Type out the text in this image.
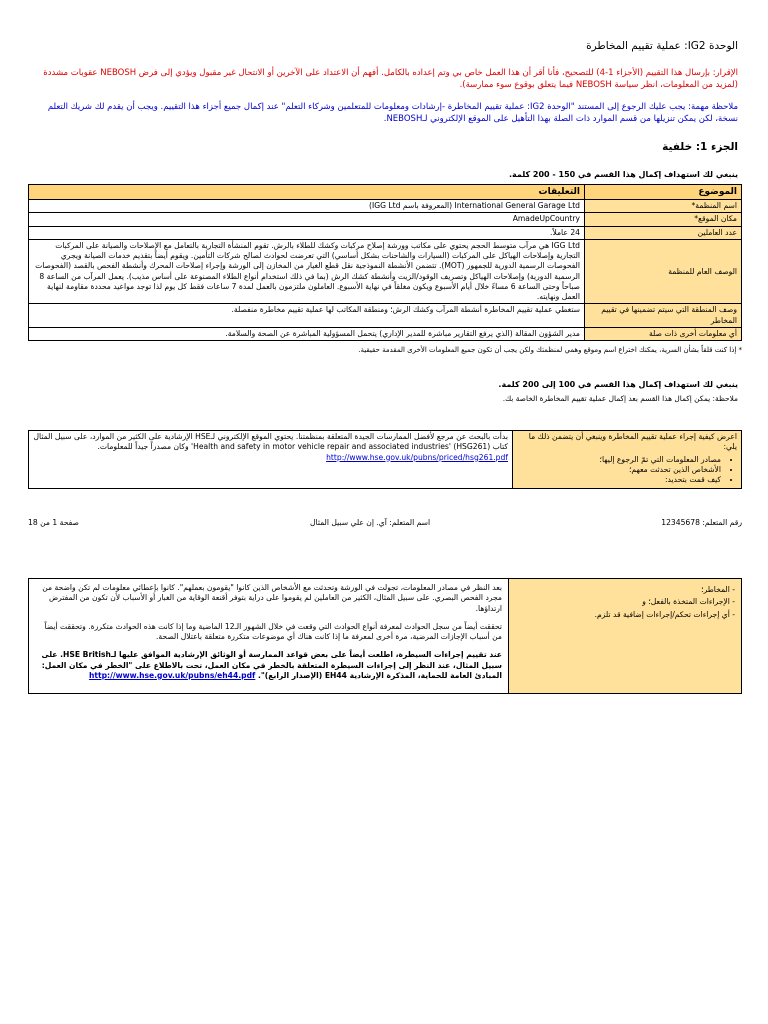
الوحدة IG2: عملية تقييم المخاطرة
الإقرار: بإرسال هذا التقييم (الأجزاء 1-4) للتصحيح، فأنا أقر أن هذا العمل خاص بي وتم إعداده بالكامل. أفهم أن الاعتداد على الآخرين أو الانتحال غير مقبول ويؤدي إلى فرض NEBOSH عقوبات مشددة (لمزيد من المعلومات، انظر سياسة NEBOSH فيما يتعلق بوقوع سوء ممارسة).
ملاحظة مهمة: يجب عليك الرجوع إلى المستند "الوحدة IG2: عملية تقييم المخاطرة -إرشادات ومعلومات للمتعلمين وشركاء التعلم" عند إكمال جميع أجزاء هذا التقييم. ويجب أن يقدم لك شريك التعلم نسخة، لكن يمكن تنزيلها من قسم الموارد ذات الصلة بهذا التأهيل على الموقع الإلكتروني لـNEBOSH.
الجزء 1: خلفية
ينبغي لك استهداف إكمال هذا القسم في 150 - 200 كلمة.
الموضوع	التعليقات
اسم المنظمة*	International General Garage Ltd (المعروفة باسم IGG Ltd)
مكان الموقع*	AmadeUpCountry
عدد العاملين	24 عاملاً.
الوصف العام للمنظمة	IGG Ltd هي مرآب متوسط الحجم يحتوي على مكاتب وورشة إصلاح مركبات وكشك للطلاء بالرش. تقوم المنشأة التجارية بالتعامل مع الإصلاحات والصيانة على المركبات التجارية وإصلاحات الهياكل على المركبات (السيارات والشاحنات بشكل أساسي) التي تعرضت لحوادث لصالح شركات التأمين. ويقوم أيضاً بتقديم خدمات الصيانة ويجري الفحوصات الرسمية الدورية للجمهور (MOT). تتضمن الأنشطة النموذجية نقل قطع الغيار من المخازن إلى الورشة وإجراء إصلاحات المحرك وأنشطة الفحص بالقصد (الفحوصات الرسمية الدورية) وإصلاحات الهياكل وتصريف الوقود/الزيت وأنشطة كشك الرش (بما في ذلك استخدام أنواع الطلاء المصنوعة على أساس مذيب). يعمل المرآب من الساعة 8 صباحاً وحتى الساعة 6 مساءً خلال أيام الأسبوع ويكون مغلقاً في نهاية الأسبوع. العاملون ملتزمون بالعمل لمدة 7 ساعات فقط كل يوم لذا توجد مواعيد محددة مقاومة لنهاية العمل ونهايته.
وصف المنطقة التي سيتم تضمينها في تقييم المخاطر	ستغطي عملية تقييم المخاطرة أنشطة المرآب وكشك الرش؛ ومنطقة المكاتب لها عملية تقييم مخاطرة منفصلة.
أي معلومات أخرى ذات صلة	مدير الشؤون المقالة (الذي يرفع التقارير مباشرة للمدير الإداري) يتحمل المسؤولية المباشرة عن الصحة والسلامة.
* إذا كنت قلقاً بشأن السرية، يمكنك اختراع اسم وموقع وهمي لمنظمتك ولكن يجب أن تكون جميع المعلومات الأخرى المقدمة حقيقية.
ينبغي لك استهداف إكمال هذا القسم في 100 إلى 200 كلمة.
ملاحظة: يمكن إكمال هذا القسم بعد إكمال عملية تقييم المخاطرة الخاصة بك.
اعرض كيفية إجراء عملية تقييم المخاطرة وينبغي أن يتضمن ذلك ما يلي:
• مصادر المعلومات التي تمّ الرجوع إليها؛
• الأشخاص الذين تحدثت معهم؛
• كيف قمت بتحديد:
	بدأت بالبحث عن مرجع لأفضل الممارسات الجيدة المتعلقة بمنظمتنا. يحتوي الموقع الإلكتروني لـHSE الإرشادية على الكثير من الموارد، على سبيل المثال كتاب (HSG261) 'Health and safety in motor vehicle repair and associated industries' وكان مصدراً جيداً للمعلومات. http://www.hse.gov.uk/pubns/priced/hsg261.pdf
رقم المتعلم: 12345678
اسم المتعلم: آي. إن علي سبيل المثال
صفحة 1 من 18
- المخاطر؛
- الإجراءات المتخذة بالفعل؛ و
- أي إجراءات تحكم/إجراءات إضافية قد تلزم.

بعد النظر في مصادر المعلومات، تجولت في الورشة وتحدثت مع الأشخاص الذين كانوا "يقومون بعملهم". كانوا بإعطائي معلومات لم تكن واضحة من مجرد الفحص البصري. على سبيل المثال، الكثير من العاملين لم يقوموا على دراية بتوفر أقنعة الوقاية من الغبار أو الأسباب لأن تكون من المفترض ارتداؤها.

تحققت أيضاً من سجل الحوادث لمعرفة أنواع الحوادث التي وقعت في خلال الشهور الـ12 الماضية وما إذا كانت هذه الحوادث متكررة. وتحققت أيضاً من أسباب الإجازات المرضية، مرة أخرى لمعرفة ما إذا كانت هناك أي موضوعات متكررة متعلقة باعتلال الصحة.

عند تقييم إجراءات السيطرة، اطلعت أيضاً على بعض قواعد الممارسة أو الوثائق الإرشادية الموافق عليها لـHSE British. على سبيل المثال، عند النظر إلى إجراءات السيطرة المتعلقة بالخطر في مكان العمل، تحت بالاطلاع على "الخطر في مكان العمل: المبادئ العامة للحماية، المذكرة الإرشادية EH44 (الإصدار الرابع)". http://www.hse.gov.uk/pubns/eh44.pdf
